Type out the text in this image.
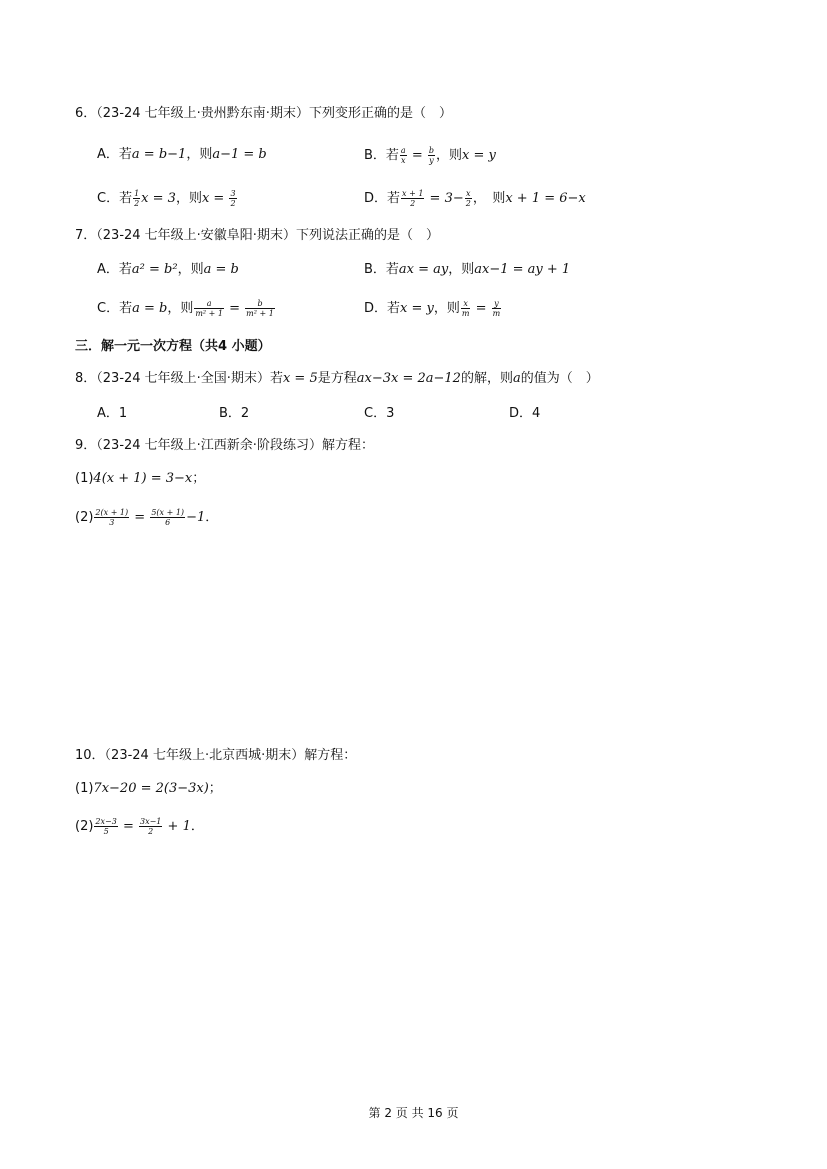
6．（23-24 七年级上·贵州黔东南·期末）下列变形正确的是（　）
A．若a = b−1，则a−1 = b	B．若 $\frac{a}{x} = \frac{b}{y}$ ，则x = y
C．若 $\frac{1}{2}$ x = 3，则$x = \frac{3}{2}$	D．若 $\frac{x + 1}{2} = 3- \frac{x}{2}$ ，　则x + 1 = 6−x
7．（23-24 七年级上·安徽阜阳·期末）下列说法正确的是（　）
A．若a² = b²，则a = b	B．若ax = ay，则ax−1 = ay + 1
C．若a = b，则 $\frac{a}{\text{m² + 1}} = \frac{b}{\text{m² + 1}}$	D．若x = y，则 $\frac{x}{m} = \frac{y}{m}$
三．解一元一次方程（共4 小题）
8．（23-24 七年级上·全国·期末）若x = 5是方程ax−3x = 2a−12的解，则a的值为（　）
A．1	B．2	C．3	D．4
9．（23-24 七年级上·江西新余·阶段练习）解方程：
(1)4(x + 1) = 3−x；
$(2) \frac{2(x + 1)}{3} = \frac{5(x + 1)}{6} -1$．
10．（23-24 七年级上·北京西城·期末）解方程：
(1)7x−20 = 2(3−3x)；
$(2) \frac{2x-3}{5} = \frac{3x-1}{2} + 1$．
第 2 页 共 16 页
